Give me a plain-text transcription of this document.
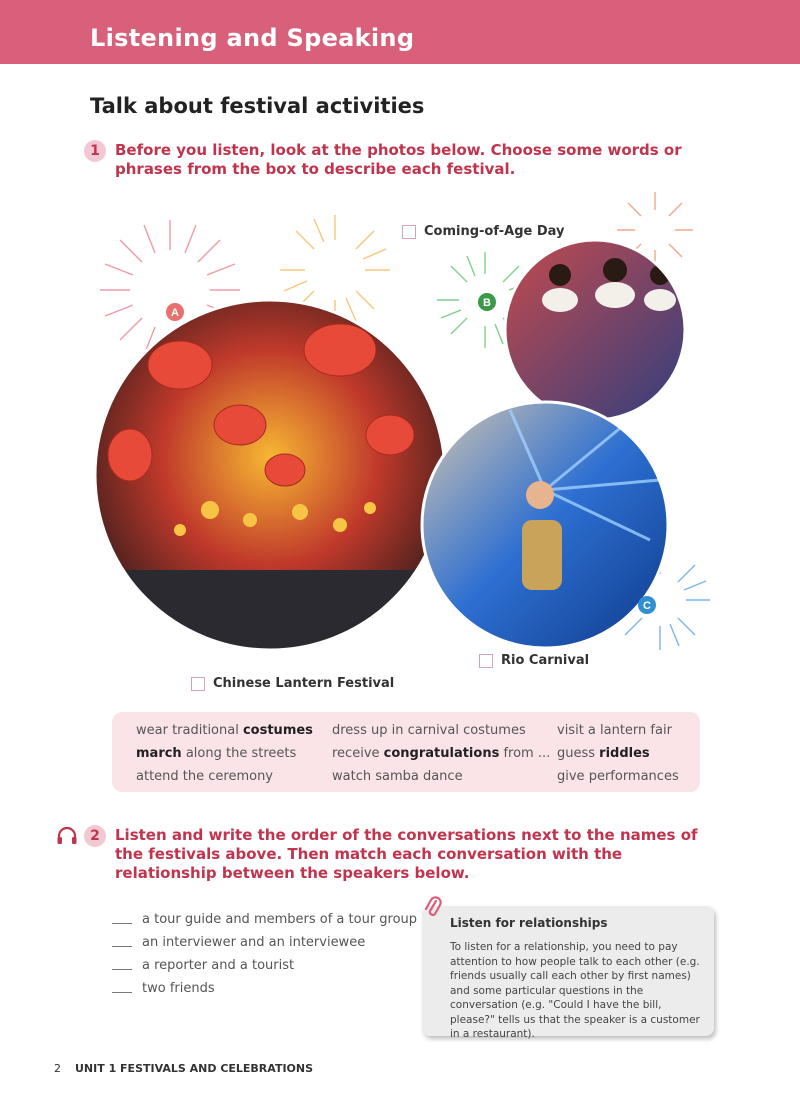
Listening and Speaking
Talk about festival activities
1	Before you listen, look at the photos below. Choose some words or phrases from the box to describe each festival.
A
B
C
Coming-of-Age Day
Rio Carnival
Chinese Lantern Festival
wear traditional costumes
march along the streets
attend the ceremony
dress up in carnival costumes
receive congratulations from ...
watch samba dance
visit a lantern fair
guess riddles
give performances
2	Listen and write the order of the conversations next to the names of the festivals above. Then match each conversation with the relationship between the speakers below.
a tour guide and members of a tour group
an interviewer and an interviewee
a reporter and a tourist
two friends
Listen for relationships
To listen for a relationship, you need to pay attention to how people talk to each other (e.g. friends usually call each other by first names) and some particular questions in the conversation (e.g. "Could I have the bill, please?" tells us that the speaker is a customer in a restaurant).
2 UNIT 1 FESTIVALS AND CELEBRATIONS
